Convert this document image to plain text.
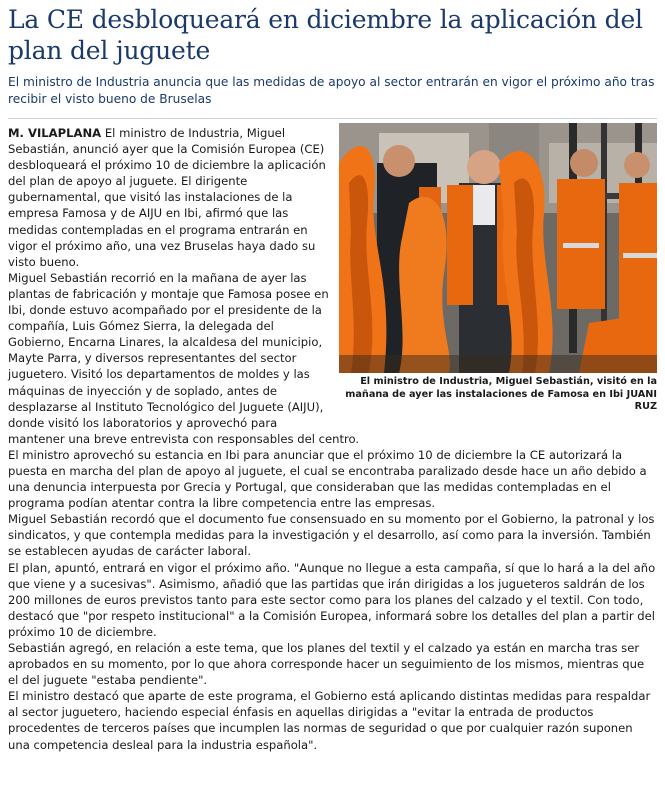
La CE desbloqueará en diciembre la aplicación del plan del juguete
El ministro de Industria anuncia que las medidas de apoyo al sector entrarán en vigor el próximo año tras recibir el visto bueno de Bruselas
El ministro de Industria, Miguel Sebastián, visitó en la mañana de ayer las instalaciones de Famosa en Ibi JUANI RUZ

M. VILAPLANA El ministro de Industria, Miguel Sebastián, anunció ayer que la Comisión Europea (CE) desbloqueará el próximo 10 de diciembre la aplicación del plan de apoyo al juguete. El dirigente gubernamental, que visitó las instalaciones de la empresa Famosa y de AIJU en Ibi, afirmó que las medidas contempladas en el programa entrarán en vigor el próximo año, una vez Bruselas haya dado su visto bueno.

Miguel Sebastián recorrió en la mañana de ayer las plantas de fabricación y montaje que Famosa posee en Ibi, donde estuvo acompañado por el presidente de la compañía, Luis Gómez Sierra, la delegada del Gobierno, Encarna Linares, la alcaldesa del municipio, Mayte Parra, y diversos representantes del sector juguetero. Visitó los departamentos de moldes y las máquinas de inyección y de soplado, antes de desplazarse al Instituto Tecnológico del Juguete (AIJU), donde visitó los laboratorios y aprovechó para mantener una breve entrevista con responsables del centro.

El ministro aprovechó su estancia en Ibi para anunciar que el próximo 10 de diciembre la CE autorizará la puesta en marcha del plan de apoyo al juguete, el cual se encontraba paralizado desde hace un año debido a una denuncia interpuesta por Grecia y Portugal, que consideraban que las medidas contempladas en el programa podían atentar contra la libre competencia entre las empresas.

Miguel Sebastián recordó que el documento fue consensuado en su momento por el Gobierno, la patronal y los sindicatos, y que contempla medidas para la investigación y el desarrollo, así como para la inversión. También se establecen ayudas de carácter laboral.

El plan, apuntó, entrará en vigor el próximo año. "Aunque no llegue a esta campaña, sí que lo hará a la del año que viene y a sucesivas". Asimismo, añadió que las partidas que irán dirigidas a los jugueteros saldrán de los 200 millones de euros previstos tanto para este sector como para los planes del calzado y el textil. Con todo, destacó que "por respeto institucional" a la Comisión Europea, informará sobre los detalles del plan a partir del próximo 10 de diciembre.

Sebastián agregó, en relación a este tema, que los planes del textil y el calzado ya están en marcha tras ser aprobados en su momento, por lo que ahora corresponde hacer un seguimiento de los mismos, mientras que el del juguete "estaba pendiente".

El ministro destacó que aparte de este programa, el Gobierno está aplicando distintas medidas para respaldar al sector juguetero, haciendo especial énfasis en aquellas dirigidas a "evitar la entrada de productos procedentes de terceros países que incumplen las normas de seguridad o que por cualquier razón suponen una competencia desleal para la industria española".
